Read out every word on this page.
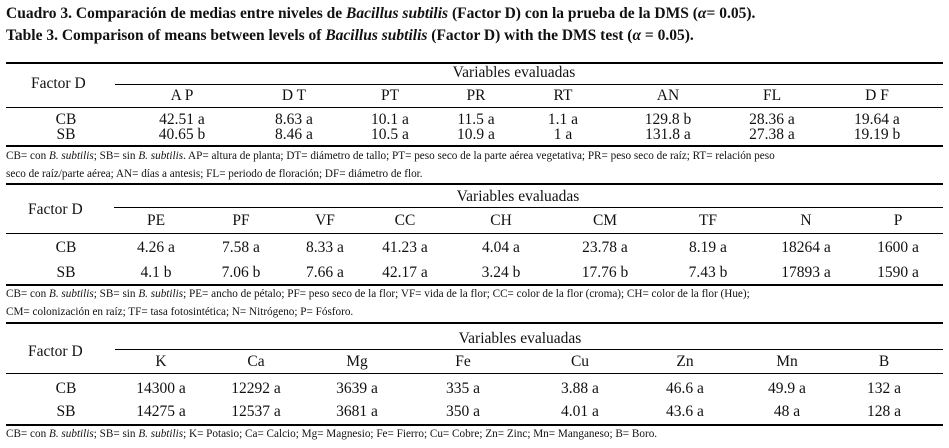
Cuadro 3. Comparación de medias entre niveles de Bacillus subtilis (Factor D) con la prueba de la DMS (α= 0.05).
Table 3. Comparison of means between levels of Bacillus subtilis (Factor D) with the DMS test (α = 0.05).
Factor D
Variables evaluadas
A P	D T	PT	PR	RT	AN	FL	D F
CB	42.51 a	8.63 a	10.1 a	11.5 a	1.1 a	129.8 b	28.36 a	19.64 a
SB	40.65 b	8.46 a	10.5 a	10.9 a	1 a	131.8 a	27.38 a	19.19 b
CB= con B. subtilis; SB= sin B. subtilis. AP= altura de planta; DT= diámetro de tallo; PT= peso seco de la parte aérea vegetativa; PR= peso seco de raíz; RT= relación peso
seco de raíz/parte aérea; AN= días a antesis; FL= periodo de floración; DF= diámetro de flor.
Factor D
Variables evaluadas
PE	PF	VF	CC	CH	CM	TF	N	P
CB	4.26 a	7.58 a	8.33 a 41.23 a	4.04 a	23.78 a	8.19 a	18264 a	1600 a
SB	4.1 b	7.06 b	7.66 a 42.17 a	3.24 b	17.76 b	7.43 b	17893 a	1590 a
CB= con B. subtilis; SB= sin B. subtilis; PE= ancho de pétalo; PF= peso seco de la flor; VF= vida de la flor; CC= color de la flor (croma); CH= color de la flor (Hue);
CM= colonización en raíz; TF= tasa fotosintética; N= Nitrógeno; P= Fósforo.
Factor D
Variables evaluadas
K	Ca	Mg	Fe	Cu	Zn	Mn	B
CB	14300 a	12292 a	3639 a	335 a	3.88 a	46.6 a	49.9 a	132 a
SB	14275 a	12537 a	3681 a	350 a	4.01 a	43.6 a	48 a	128 a
CB= con B. subtilis; SB= sin B. subtilis; K= Potasio; Ca= Calcio; Mg= Magnesio; Fe= Fierro; Cu= Cobre; Zn= Zinc; Mn= Manganeso; B= Boro.
